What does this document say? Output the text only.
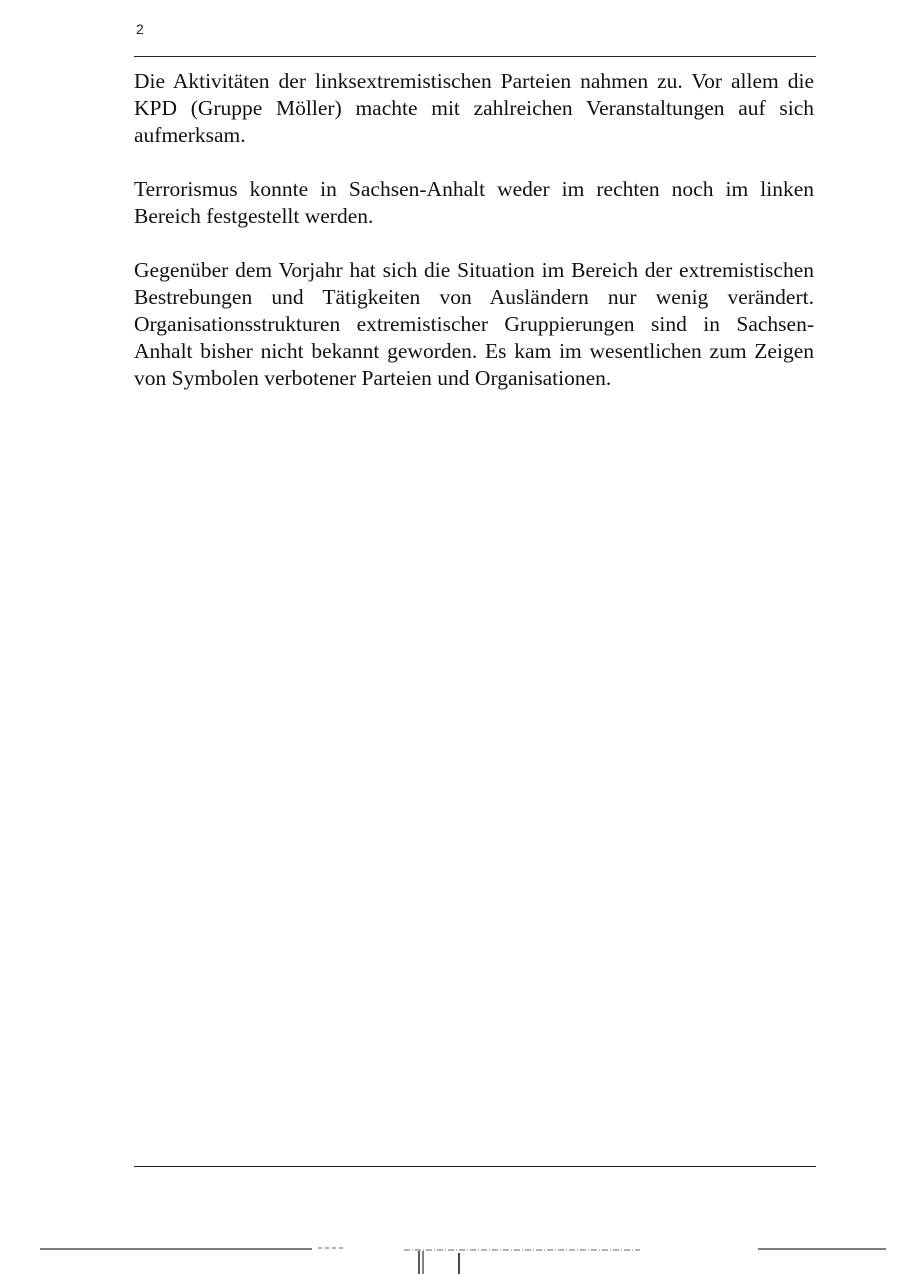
2

Die Aktivitäten der linksextremistischen Parteien nahmen zu. Vor allem die KPD (Gruppe Möller) machte mit zahlreichen Veranstaltungen auf sich aufmerksam.

Terrorismus konnte in Sachsen-Anhalt weder im rechten noch im linken Bereich festgestellt werden.

Gegenüber dem Vorjahr hat sich die Situation im Bereich der extremistischen Bestrebungen und Tätigkeiten von Ausländern nur wenig verändert. Organisationsstrukturen extremistischer Gruppierungen sind in Sachsen-Anhalt bisher nicht bekannt geworden. Es kam im wesentlichen zum Zeigen von Symbolen verbotener Parteien und Organisationen.
